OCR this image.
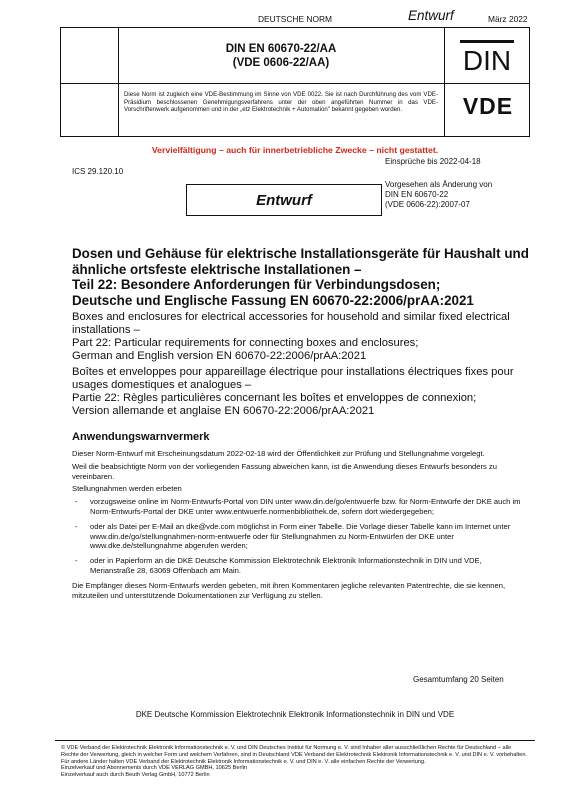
DEUTSCHE NORM	Entwurf	März 2022
DIN EN 60670-22/AA
(VDE 0606-22/AA)	DIN
Diese Norm ist zugleich eine VDE-Bestimmung im Sinne von VDE 0022. Sie ist nach Durchführung des vom VDE-Präsidium beschlossenen Genehmigungsverfahrens unter der oben angeführten Nummer in das VDE-Vorschriftenwerk aufgenommen und in der „etz Elektrotechnik + Automation" bekannt gegeben worden.	VDE
Vervielfältigung – auch für innerbetriebliche Zwecke – nicht gestattet.
Einsprüche bis 2022-04-18
ICS 29.120.10
Entwurf
Vorgesehen als Änderung von
DIN EN 60670-22
(VDE 0606-22):2007-07
Dosen und Gehäuse für elektrische Installationsgeräte für Haushalt und
ähnliche ortsfeste elektrische Installationen –
Teil 22: Besondere Anforderungen für Verbindungsdosen;
Deutsche und Englische Fassung EN 60670-22:2006/prAA:2021
Boxes and enclosures for electrical accessories for household and similar fixed electrical
installations –
Part 22: Particular requirements for connecting boxes and enclosures;
German and English version EN 60670-22:2006/prAA:2021
Boîtes et enveloppes pour appareillage électrique pour installations électriques fixes pour
usages domestiques et analogues –
Partie 22: Règles particulières concernant les boîtes et enveloppes de connexion;
Version allemande et anglaise EN 60670-22:2006/prAA:2021
Anwendungswarnvermerk
Dieser Norm-Entwurf mit Erscheinungsdatum 2022-02-18 wird der Öffentlichkeit zur Prüfung und Stellungnahme vorgelegt.
Weil die beabsichtigte Norm von der vorliegenden Fassung abweichen kann, ist die Anwendung dieses Entwurfs besonders zu vereinbaren.
Stellungnahmen werden erbeten
- vorzugsweise online im Norm-Entwurfs-Portal von DIN unter www.din.de/go/entwuerfe bzw. für Norm-Entwürfe der DKE auch im Norm-Entwurfs-Portal der DKE unter www.entwuerfe.normenbibliothek.de, sofern dort wiedergegeben;
- oder als Datei per E-Mail an dke@vde.com möglichst in Form einer Tabelle. Die Vorlage dieser Tabelle kann im Internet unter www.din.de/go/stellungnahmen-norm-entwuerfe oder für Stellungnahmen zu Norm-Entwürfen der DKE unter www.dke.de/stellungnahme abgerufen werden;
- oder in Papierform an die DKE Deutsche Kommission Elektrotechnik Elektronik Informationstechnik in DIN und VDE, Merianstraße 28, 63069 Offenbach am Main.
Die Empfänger dieses Norm-Entwurfs werden gebeten, mit ihren Kommentaren jegliche relevanten Patentrechte, die sie kennen, mitzuteilen und unterstützende Dokumentationen zur Verfügung zu stellen.
Gesamtumfang 20 Seiten
DKE Deutsche Kommission Elektrotechnik Elektronik Informationstechnik in DIN und VDE
© VDE Verband der Elektrotechnik Elektronik Informationstechnik e. V. und DIN Deutsches Institut für Normung e. V. sind Inhaber aller ausschließlichen Rechte für Deutschland – alle Rechte der Verwertung, gleich in welcher Form und welchem Verfahren, sind in Deutschland VDE Verband der Elektrotechnik Elektronik Informationstechnik e. V. und DIN e. V. vorbehalten. Für andere Länder halten VDE Verband der Elektrotechnik Elektronik Informationstechnik e. V. und DIN e. V. alle einfachen Rechte der Verwertung.
Einzelverkauf und Abonnements durch VDE VERLAG GMBH, 10625 Berlin
Einzelverkauf auch durch Beuth Verlag GmbH, 10772 Berlin
